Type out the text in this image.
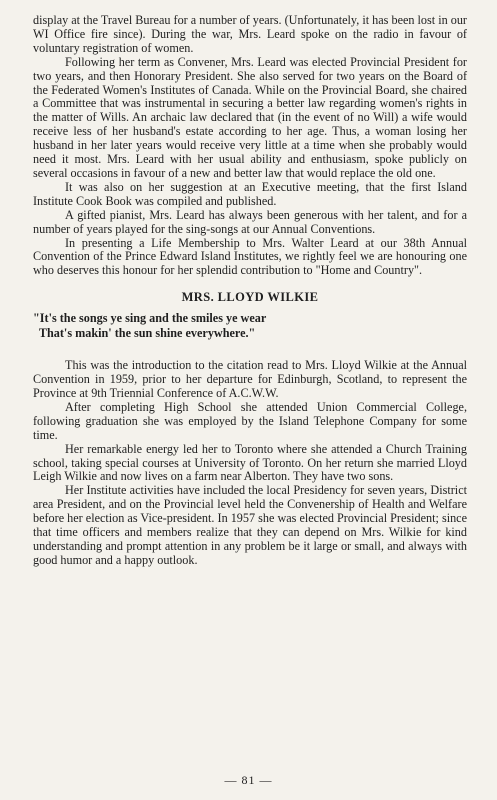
display at the Travel Bureau for a number of years. (Unfortunately, it has been lost in our WI Office fire since). During the war, Mrs. Leard spoke on the radio in favour of voluntary registration of women.

Following her term as Convener, Mrs. Leard was elected Provincial President for two years, and then Honorary President. She also served for two years on the Board of the Federated Women's Institutes of Canada. While on the Provincial Board, she chaired a Committee that was instrumental in securing a better law regarding women's rights in the matter of Wills. An archaic law declared that (in the event of no Will) a wife would receive less of her husband's estate according to her age. Thus, a woman losing her husband in her later years would receive very little at a time when she probably would need it most. Mrs. Leard with her usual ability and enthusiasm, spoke publicly on several occasions in favour of a new and better law that would replace the old one.

It was also on her suggestion at an Executive meeting, that the first Island Institute Cook Book was compiled and published.

A gifted pianist, Mrs. Leard has always been generous with her talent, and for a number of years played for the sing-songs at our Annual Conventions.

In presenting a Life Membership to Mrs. Walter Leard at our 38th Annual Convention of the Prince Edward Island Institutes, we rightly feel we are honouring one who deserves this honour for her splendid contribution to "Home and Country".

MRS. LLOYD WILKIE
"It's the songs ye sing and the smiles ye wear
That's makin' the sun shine everywhere."

This was the introduction to the citation read to Mrs. Lloyd Wilkie at the Annual Convention in 1959, prior to her departure for Edinburgh, Scotland, to represent the Province at 9th Triennial Conference of A.C.W.W.

After completing High School she attended Union Commercial College, following graduation she was employed by the Island Telephone Company for some time.

Her remarkable energy led her to Toronto where she attended a Church Training school, taking special courses at University of Toronto. On her return she married Lloyd Leigh Wilkie and now lives on a farm near Alberton. They have two sons.

Her Institute activities have included the local Presidency for seven years, District area President, and on the Provincial level held the Convenership of Health and Welfare before her election as Vice-president. In 1957 she was elected Provincial President; since that time officers and members realize that they can depend on Mrs. Wilkie for kind understanding and prompt attention in any problem be it large or small, and always with good humor and a happy outlook.

— 81 —
